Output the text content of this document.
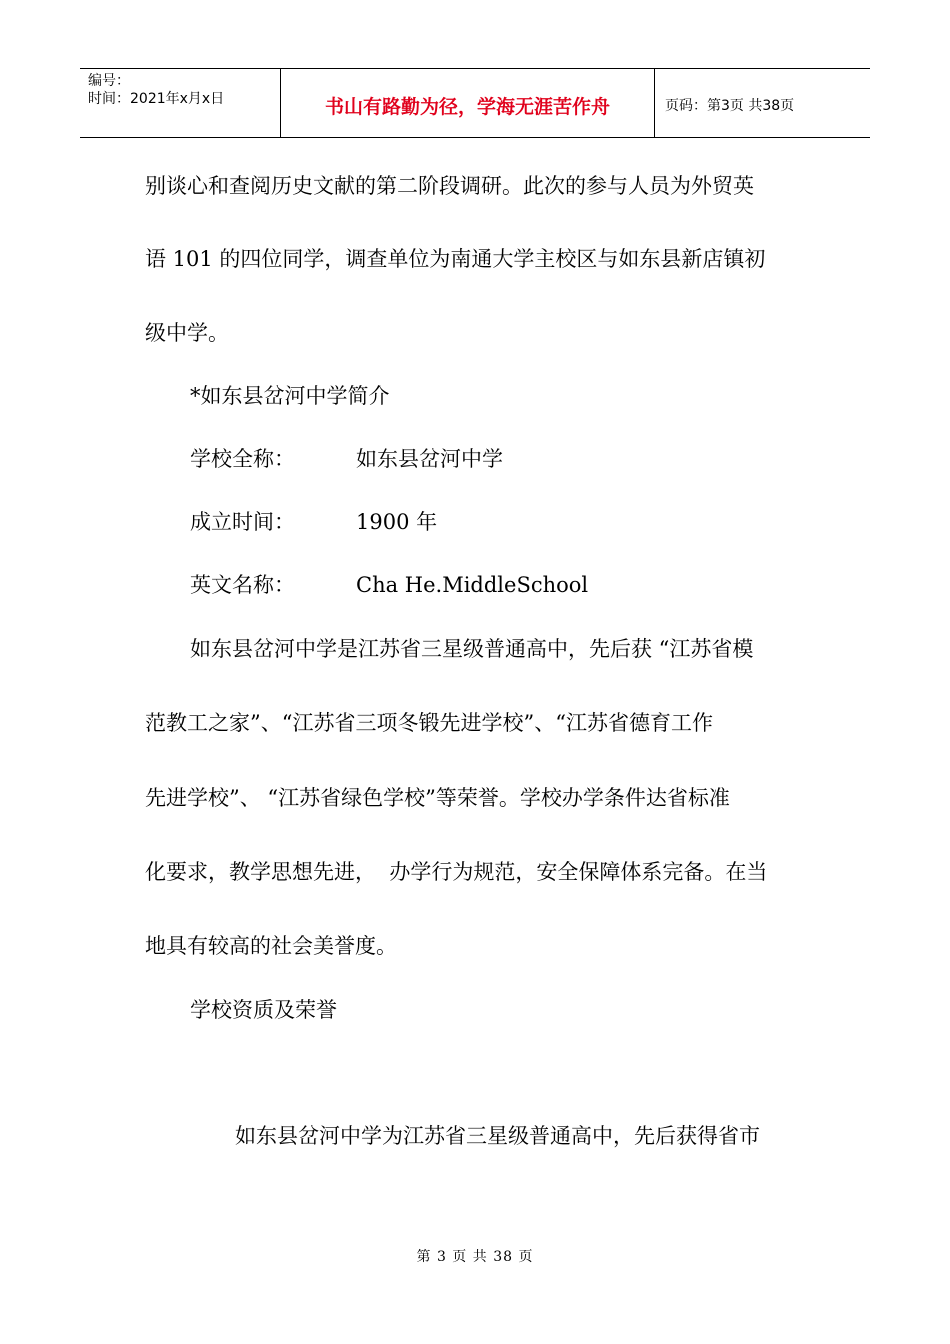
编号：
时间：2021年x月x日	书山有路勤为径，学海无涯苦作舟	页码：第3页 共38页
别谈心和查阅历史文献的第二阶段调研。此次的参与人员为外贸英
语 101 的四位同学，调查单位为南通大学主校区与如东县新店镇初
级中学。
*如东县岔河中学简介
学校全称：	如东县岔河中学
成立时间：	1900 年
英文名称：	Cha He.MiddleSchool
如东县岔河中学是江苏省三星级普通高中，先后获 “江苏省模
范教工之家”、“江苏省三项冬锻先进学校”、“江苏省德育工作
先进学校”、 “江苏省绿色学校”等荣誉。学校办学条件达省标准
化要求，教学思想先进，  办学行为规范，安全保障体系完备。在当
地具有较高的社会美誉度。
学校资质及荣誉
如东县岔河中学为江苏省三星级普通高中，先后获得省市
第 3 页 共 38 页
